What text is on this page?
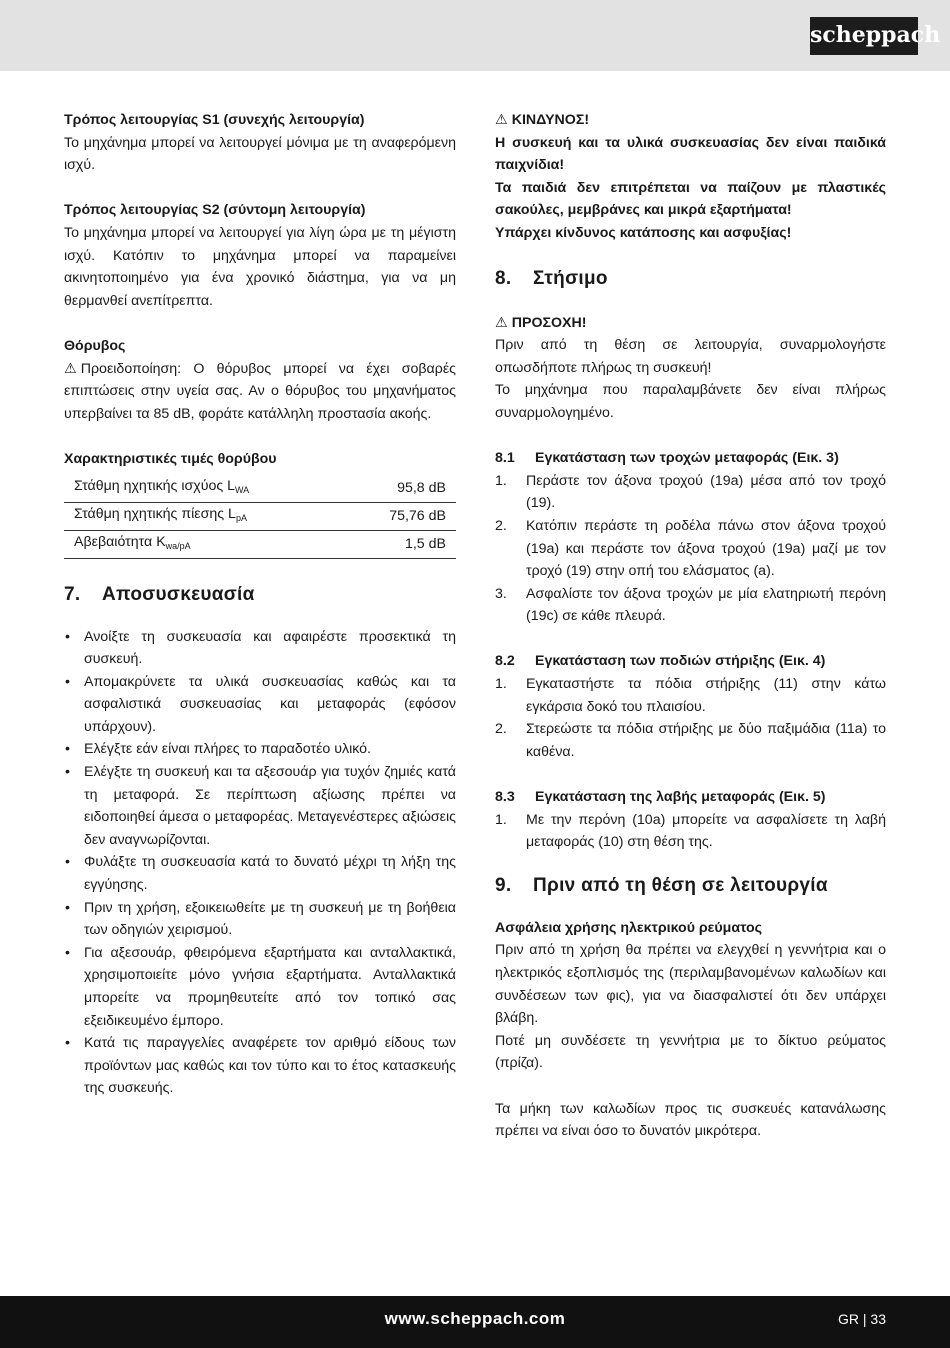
scheppach

Τρόπος λειτουργίας S1 (συνεχής λειτουργία)

Το μηχάνημα μπορεί να λειτουργεί μόνιμα με τη αναφερόμενη ισχύ.

Τρόπος λειτουργίας S2 (σύντομη λειτουργία)

Το μηχάνημα μπορεί να λειτουργεί για λίγη ώρα με τη μέγιστη ισχύ. Κατόπιν το μηχάνημα μπορεί να παραμείνει ακινητοποιημένο για ένα χρονικό διάστημα, για να μη θερμανθεί ανεπίτρεπτα.

Θόρυβος

⚠ Προειδοποίηση: Ο θόρυβος μπορεί να έχει σοβαρές επιπτώσεις στην υγεία σας. Αν ο θόρυβος του μηχανήματος υπερβαίνει τα 85 dB, φοράτε κατάλληλη προστασία ακοής.

Χαρακτηριστικές τιμές θορύβου

Στάθμη ηχητικής ισχύος $L_{WA}$	95,8 dB
Στάθμη ηχητικής πίεσης $L_{pA}$	75,76 dB
Αβεβαιότητα $K_{wa/pA}$	1,5 dB
7. Αποσυσκευασία
• Ανοίξτε τη συσκευασία και αφαιρέστε προσεκτικά τη συσκευή.
• Απομακρύνετε τα υλικά συσκευασίας καθώς και τα ασφαλιστικά συσκευασίας και μεταφοράς (εφόσον υπάρχουν).
• Ελέγξτε εάν είναι πλήρες το παραδοτέο υλικό.
• Ελέγξτε τη συσκευή και τα αξεσουάρ για τυχόν ζημιές κατά τη μεταφορά. Σε περίπτωση αξίωσης πρέπει να ειδοποιηθεί άμεσα ο μεταφορέας. Μεταγενέστερες αξιώσεις δεν αναγνωρίζονται.
• Φυλάξτε τη συσκευασία κατά το δυνατό μέχρι τη λήξη της εγγύησης.
• Πριν τη χρήση, εξοικειωθείτε με τη συσκευή με τη βοήθεια των οδηγιών χειρισμού.
• Για αξεσουάρ, φθειρόμενα εξαρτήματα και ανταλλακτικά, χρησιμοποιείτε μόνο γνήσια εξαρτήματα. Ανταλλακτικά μπορείτε να προμηθευτείτε από τον τοπικό σας εξειδικευμένο έμπορο.
• Κατά τις παραγγελίες αναφέρετε τον αριθμό είδους των προϊόντων μας καθώς και τον τύπο και το έτος κατασκευής της συσκευής.

⚠ ΚΙΝΔΥΝΟΣ!

Η συσκευή και τα υλικά συσκευασίας δεν είναι παιδικά παιχνίδια!

Τα παιδιά δεν επιτρέπεται να παίζουν με πλαστικές σακούλες, μεμβράνες και μικρά εξαρτήματα!

Υπάρχει κίνδυνος κατάποσης και ασφυξίας!

8. Στήσιμο

⚠ ΠΡΟΣΟΧΗ!

Πριν από τη θέση σε λειτουργία, συναρμολογήστε οπωσδήποτε πλήρως τη συσκευή!

Το μηχάνημα που παραλαμβάνετε δεν είναι πλήρως συναρμολογημένο.

8.1 Εγκατάσταση των τροχών μεταφοράς (Εικ. 3)
1. Περάστε τον άξονα τροχού (19a) μέσα από τον τροχό (19).
2. Κατόπιν περάστε τη ροδέλα πάνω στον άξονα τροχού (19a) και περάστε τον άξονα τροχού (19a) μαζί με τον τροχό (19) στην οπή του ελάσματος (a).
3. Ασφαλίστε τον άξονα τροχών με μία ελατηριωτή περόνη (19c) σε κάθε πλευρά.
8.2 Εγκατάσταση των ποδιών στήριξης (Εικ. 4)
1. Εγκαταστήστε τα πόδια στήριξης (11) στην κάτω εγκάρσια δοκό του πλαισίου.
2. Στερεώστε τα πόδια στήριξης με δύο παξιμάδια (11a) το καθένα.
8.3 Εγκατάσταση της λαβής μεταφοράς (Εικ. 5)
1. Με την περόνη (10a) μπορείτε να ασφαλίσετε τη λαβή μεταφοράς (10) στη θέση της.
9. Πριν από τη θέση σε λειτουργία

Ασφάλεια χρήσης ηλεκτρικού ρεύματος

Πριν από τη χρήση θα πρέπει να ελεγχθεί η γεννήτρια και ο ηλεκτρικός εξοπλισμός της (περιλαμβανομένων καλωδίων και συνδέσεων των φις), για να διασφαλιστεί ότι δεν υπάρχει βλάβη.

Ποτέ μη συνδέσετε τη γεννήτρια με το δίκτυο ρεύματος (πρίζα).

Τα μήκη των καλωδίων προς τις συσκευές κατανάλωσης πρέπει να είναι όσο το δυνατόν μικρότερα.

www.scheppach.com	GR | 33
